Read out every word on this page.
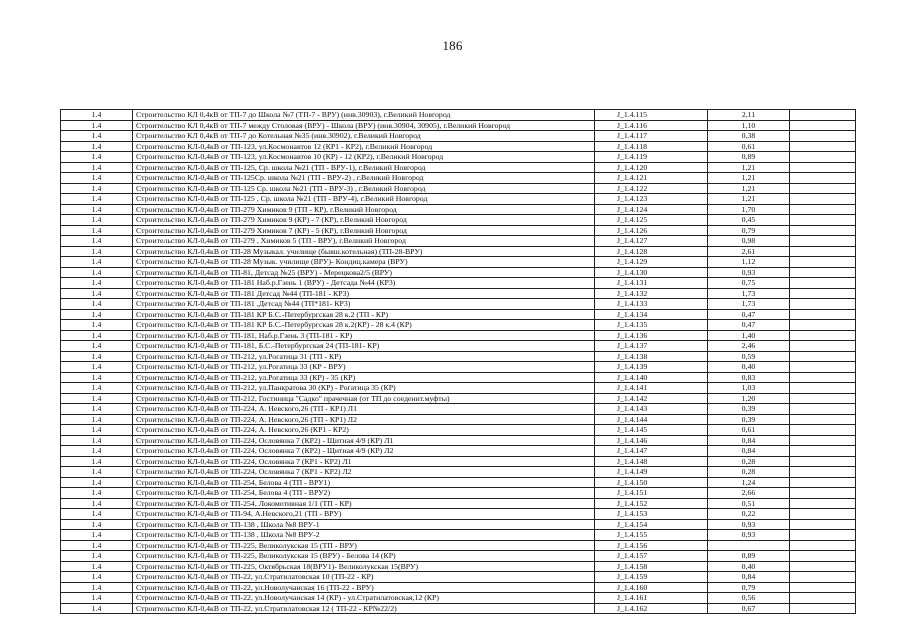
186
1.4	Строительство КЛ 0,4кВ от ТП-7 до Школа №7 (ТП-7 - ВРУ) (инв.30903), г.Великий Новгород	J_1.4.115	2,11	
1.4	Строительство КЛ 0,4кВ от ТП-7 между Столовая (ВРУ) - Школа (ВРУ) (инв.30904, 30905), г.Великий Новгород	J_1.4.116	1,10	
1.4	Строительство КЛ 0,4кВ от ТП-7 до Котельная №35 (инв.30902), г.Великий Новгород	J_1.4.117	0,38	
1.4	Строительство КЛ-0,4кВ от ТП-123, ул.Космонавтов 12 (КР1 - КР2), г.Великий Новгород	J_1.4.118	0,61	
1.4	Строительство КЛ-0,4кВ от ТП-123, ул.Космонавтов 10 (КР) - 12 (КР2), г.Великий Новгород	J_1.4.119	0,89	
1.4	Строительство КЛ-0,4кВ от ТП-125, Ср. школа №21 (ТП - ВРУ-1), г.Великий Новгород	J_1.4.120	1,21	
1.4	Строительство КЛ-0,4кВ от ТП-125Ср. школа №21 (ТП - ВРУ-2) , г.Великий Новгород	J_1.4.121	1,21	
1.4	Строительство КЛ-0,4кВ от ТП-125 Ср. школа №21 (ТП - ВРУ-3) , г.Великий Новгород	J_1.4.122	1,21	
1.4	Строительство КЛ-0,4кВ от ТП-125 , Ср. школа №21 (ТП - ВРУ-4), г.Великий Новгород	J_1.4.123	1,21	
1.4	Строительство КЛ-0,4кВ от ТП-279 Химиков 9 (ТП - КР), г.Великий Новгород	J_1.4.124	1,70	
1.4	Строительство КЛ-0,4кВ от ТП-279 Химиков 9 (КР) - 7 (КР), г.Великий Новгород	J_1.4.125	0,45	
1.4	Строительство КЛ-0,4кВ от ТП-279 Химиков 7 (КР) - 5 (КР), г.Великий Новгород	J_1.4.126	0,79	
1.4	Строительство КЛ-0,4кВ от ТП-279 , Химиков 5 (ТП - ВРУ), г.Великий Новгород	J_1.4.127	0,98	
1.4	Строительство КЛ-0,4кВ от ТП-28 Музыкал. училище (бывш.котельная) (ТП-28-ВРУ)	J_1.4.128	2,61	
1.4	Строительство КЛ-0,4кВ от ТП-28 Музык. училище (ВРУ)- Кондиц.камера (ВРУ)	J_1.4.129	1,12	
1.4	Строительство КЛ-0,4кВ от ТП-81, Детсад №25 (ВРУ) - Мерецкова2/5 (ВРУ)	J_1.4.130	0,93	
1.4	Строительство КЛ-0,4кВ от ТП-181 Наб.р.Гзень 1 (ВРУ) - Детсада №44 (КР3)	J_1.4.131	0,75	
1.4	Строительство КЛ-0,4кВ от ТП-181 Детсад №44 (ТП-181 - КР3)	J_1.4.132	1,73	
1.4	Строительство КЛ-0,4кВ от ТП-181 ,Детсад №44 (ТП*181- КР3)	J_1.4.133	1,73	
1.4	Строительство КЛ-0,4кВ от ТП-181 КР Б.С.-Петербургская 28 к.2 (ТП - КР)	J_1.4.134	0,47	
1.4	Строительство КЛ-0,4кВ от ТП-181 КР Б.С.-Петербургская 28 к.2(КР) - 28 к.4 (КР)	J_1.4.135	0,47	
1.4	Строительство КЛ-0,4кВ от ТП-181, Наб.р.Гзень 3 (ТП-181 - КР)	J_1.4.136	1,40	
1.4	Строительство КЛ-0,4кВ от ТП-181, Б.С.-Петербургская 24 (ТП-181- КР)	J_1.4.137	2,46	
1.4	Строительство КЛ-0,4кВ от ТП-212, ул.Рогатица 31 (ТП - КР)	J_1.4.138	0,59	
1.4	Строительство КЛ-0,4кВ от ТП-212, ул.Рогатица 33 (КР - ВРУ)	J_1.4.139	0,40	
1.4	Строительство КЛ-0,4кВ от ТП-212, ул.Рогатица 33 (КР) - 35 (КР)	J_1.4.140	0,83	
1.4	Строительство КЛ-0,4кВ от ТП-212, ул.Панкратова 30 (КР) - Рогатица 35 (КР)	J_1.4.141	1,03	
1.4	Строительство КЛ-0,4кВ от ТП-212, Гостиница "Садко" прачечная (от ТП до соеденит.муфты)	J_1.4.142	1,20	
1.4	Строительство КЛ-0,4кВ от ТП-224, А. Невского,26 (ТП - КР1) Л1	J_1.4.143	0,39	
1.4	Строительство КЛ-0,4кВ от ТП-224, А. Невского,26 (ТП - КР1) Л2	J_1.4.144	0,39	
1.4	Строительство КЛ-0,4кВ от ТП-224, А. Невского,26 (КР1 - КР2)	J_1.4.145	0,61	
1.4	Строительство КЛ-0,4кВ от ТП-224, Ословянка 7 (КР2) - Щитная 4/9 (КР) Л1	J_1.4.146	0,84	
1.4	Строительство КЛ-0,4кВ от ТП-224, Ословянка 7 (КР2) - Щитная 4/9 (КР) Л2	J_1.4.147	0,84	
1.4	Строительство КЛ-0,4кВ от ТП-224, Ословянка 7 (КР1 - КР2) Л1	J_1.4.148	0,28	
1.4	Строительство КЛ-0,4кВ от ТП-224, Ословянка 7 (КР1 - КР2) Л2	J_1.4.149	0,28	
1.4	Строительство КЛ-0,4кВ от ТП-254, Белова 4 (ТП - ВРУ1)	J_1.4.150	1,24	
1.4	Строительство КЛ-0,4кВ от ТП-254, Белова 4 (ТП - ВРУ2)	J_1.4.151	2,66	
1.4	Строительство КЛ-0,4кВ от ТП-254, Локомотивная 1/1 (ТП - КР)	J_1.4.152	0,51	
1.4	Строительство КЛ-0,4кВ от ТП-94, А.Невского,21 (ТП - ВРУ)	J_1.4.153	0,22	
1.4	Строительство КЛ-0,4кВ от ТП-138 , Школа №8 ВРУ-1	J_1.4.154	0,93	
1.4	Строительство КЛ-0,4кВ от ТП-138 , Школа №8 ВРУ-2	J_1.4.155	0,93	
1.4	Строительство КЛ-0,4кВ от ТП-225, Великолукская 15 (ТП - ВРУ)	J_1.4.156		
1.4	Строительство КЛ-0,4кВ от ТП-225, Великолукская 15 (ВРУ) - Белова 14 (КР)	J_1.4.157	0,89	
1.4	Строительство КЛ-0,4кВ от ТП-225, Октябрьская 18(ВРУ1)- Великолукская 15(ВРУ)	J_1.4.158	0,40	
1.4	Строительство КЛ-0,4кВ от ТП-22, ул.Стратилатовская 10 (ТП-22 - КР)	J_1.4.159	0,84	
1.4	Строительство КЛ-0,4кВ от ТП-22, ул.Новолучанская 16 (ТП-22 - ВРУ)	J_1.4.160	0,79	
1.4	Строительство КЛ-0,4кВ от ТП-22, ул.Новолучанская 14 (КР) - ул.Стратилатовская,12 (КР)	J_1.4.161	0,56	
1.4	Строительство КЛ-0,4кВ от ТП-22, ул.Стратилатовская 12 ( ТП-22 - КР№22/2)	J_1.4.162	0,67	
